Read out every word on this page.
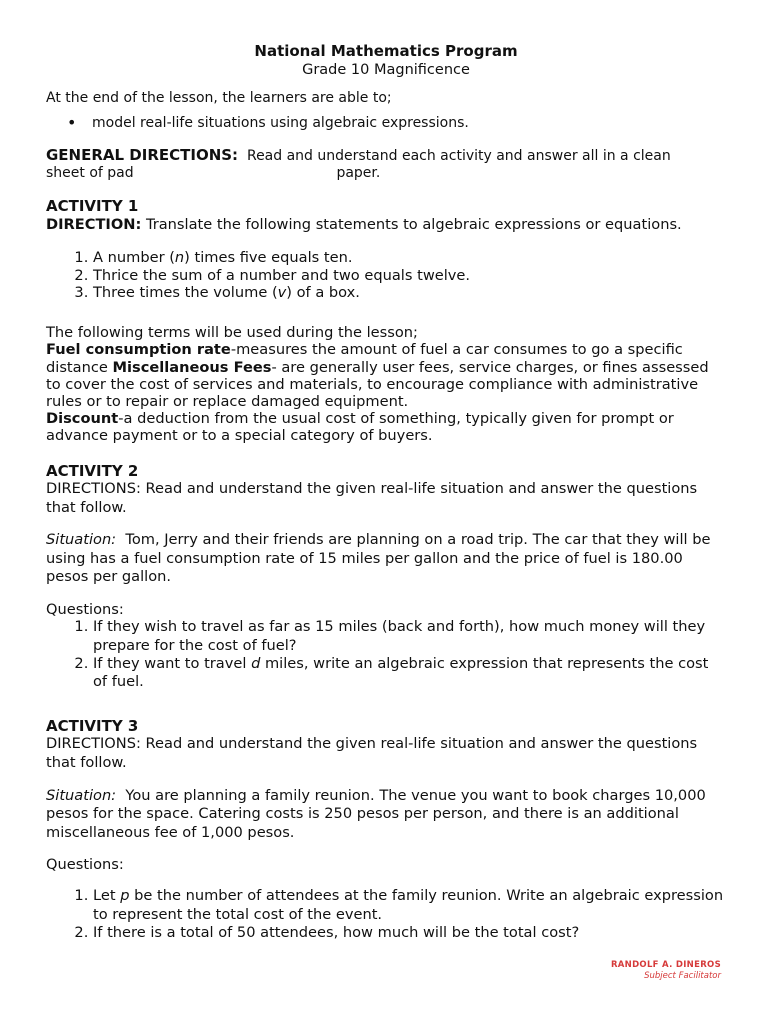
National Mathematics Program
Grade 10 Magnificence
At the end of the lesson, the learners are able to;
• model real-life situations using algebraic expressions.
GENERAL DIRECTIONS: Read and understand each activity and answer all in a clean
sheet of pad	paper.
ACTIVITY 1
DIRECTION: Translate the following statements to algebraic expressions or equations.
1. A number (n) times five equals ten.
2. Thrice the sum of a number and two equals twelve.
3. Three times the volume (v) of a box.
The following terms will be used during the lesson;
Fuel consumption rate-measures the amount of fuel a car consumes to go a specific distance Miscellaneous Fees- are generally user fees, service charges, or fines assessed to cover the cost of services and materials, to encourage compliance with administrative rules or to repair or replace damaged equipment.
Discount-a deduction from the usual cost of something, typically given for prompt or advance payment or to a special category of buyers.
ACTIVITY 2
DIRECTIONS: Read and understand the given real-life situation and answer the questions that follow.
Situation: Tom, Jerry and their friends are planning on a road trip. The car that they will be using has a fuel consumption rate of 15 miles per gallon and the price of fuel is 180.00 pesos per gallon.
Questions:
1. If they wish to travel as far as 15 miles (back and forth), how much money will they prepare for the cost of fuel?
2. If they want to travel d miles, write an algebraic expression that represents the cost of fuel.
ACTIVITY 3
DIRECTIONS: Read and understand the given real-life situation and answer the questions that follow.
Situation: You are planning a family reunion. The venue you want to book charges 10,000 pesos for the space. Catering costs is 250 pesos per person, and there is an additional miscellaneous fee of 1,000 pesos.
Questions:
1. Let p be the number of attendees at the family reunion. Write an algebraic expression to represent the total cost of the event.
2. If there is a total of 50 attendees, how much will be the total cost?
RANDOLF A. DINEROS
Subject Facilitator
